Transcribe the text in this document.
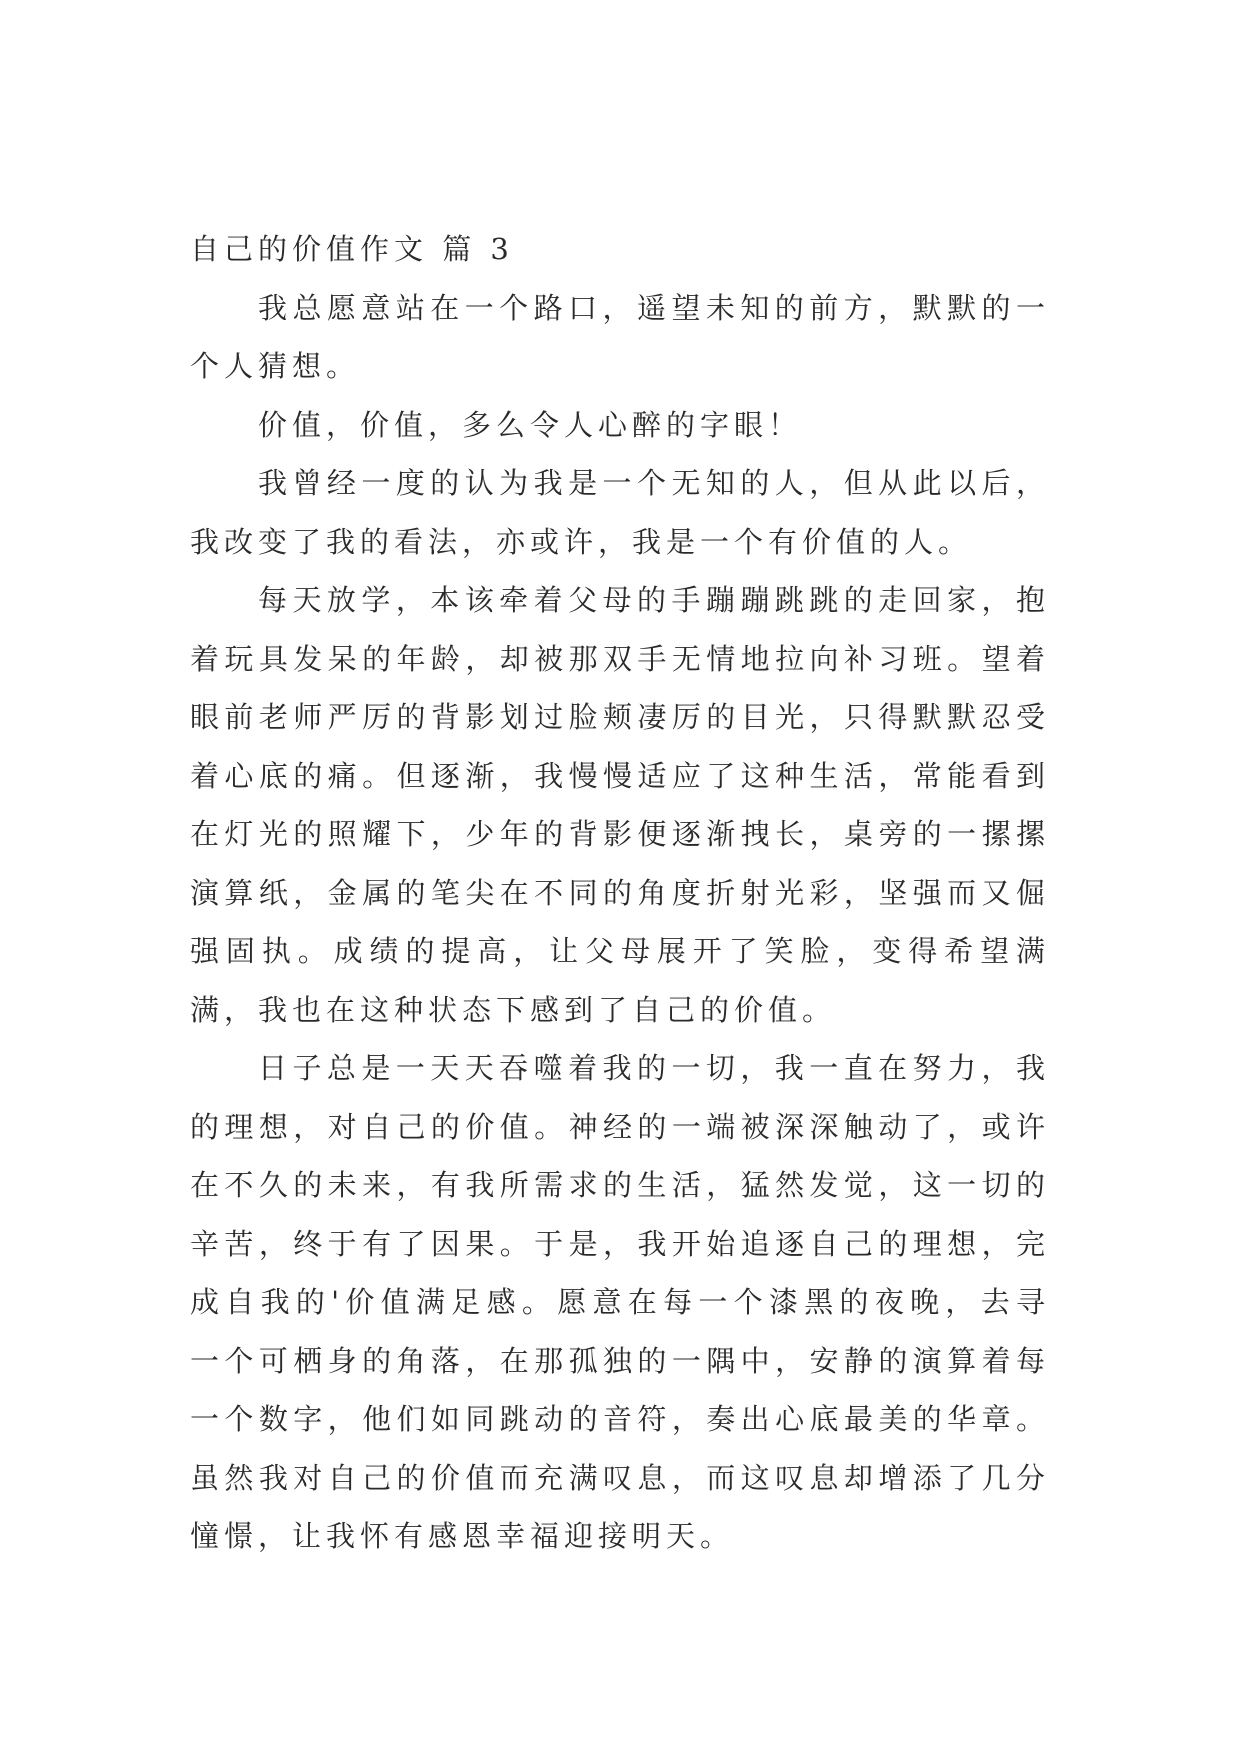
自己的价值作文 篇 3

我总愿意站在一个路口，遥望未知的前方，默默的一个人猜想。

价值，价值，多么令人心醉的字眼！

我曾经一度的认为我是一个无知的人，但从此以后，我改变了我的看法，亦或许，我是一个有价值的人。

每天放学，本该牵着父母的手蹦蹦跳跳的走回家，抱着玩具发呆的年龄，却被那双手无情地拉向补习班。望着眼前老师严厉的背影划过脸颊凄厉的目光，只得默默忍受着心底的痛。但逐渐，我慢慢适应了这种生活，常能看到在灯光的照耀下，少年的背影便逐渐拽长，桌旁的一摞摞演算纸，金属的笔尖在不同的角度折射光彩，坚强而又倔强固执。成绩的提高，让父母展开了笑脸，变得希望满满，我也在这种状态下感到了自己的价值。

日子总是一天天吞噬着我的一切，我一直在努力，我的理想，对自己的价值。神经的一端被深深触动了，或许在不久的未来，有我所需求的生活，猛然发觉，这一切的辛苦，终于有了因果。于是，我开始追逐自己的理想，完成自我的'价值满足感。愿意在每一个漆黑的夜晚，去寻一个可栖身的角落，在那孤独的一隅中，安静的演算着每一个数字，他们如同跳动的音符，奏出心底最美的华章。虽然我对自己的价值而充满叹息，而这叹息却增添了几分憧憬，让我怀有感恩幸福迎接明天。
